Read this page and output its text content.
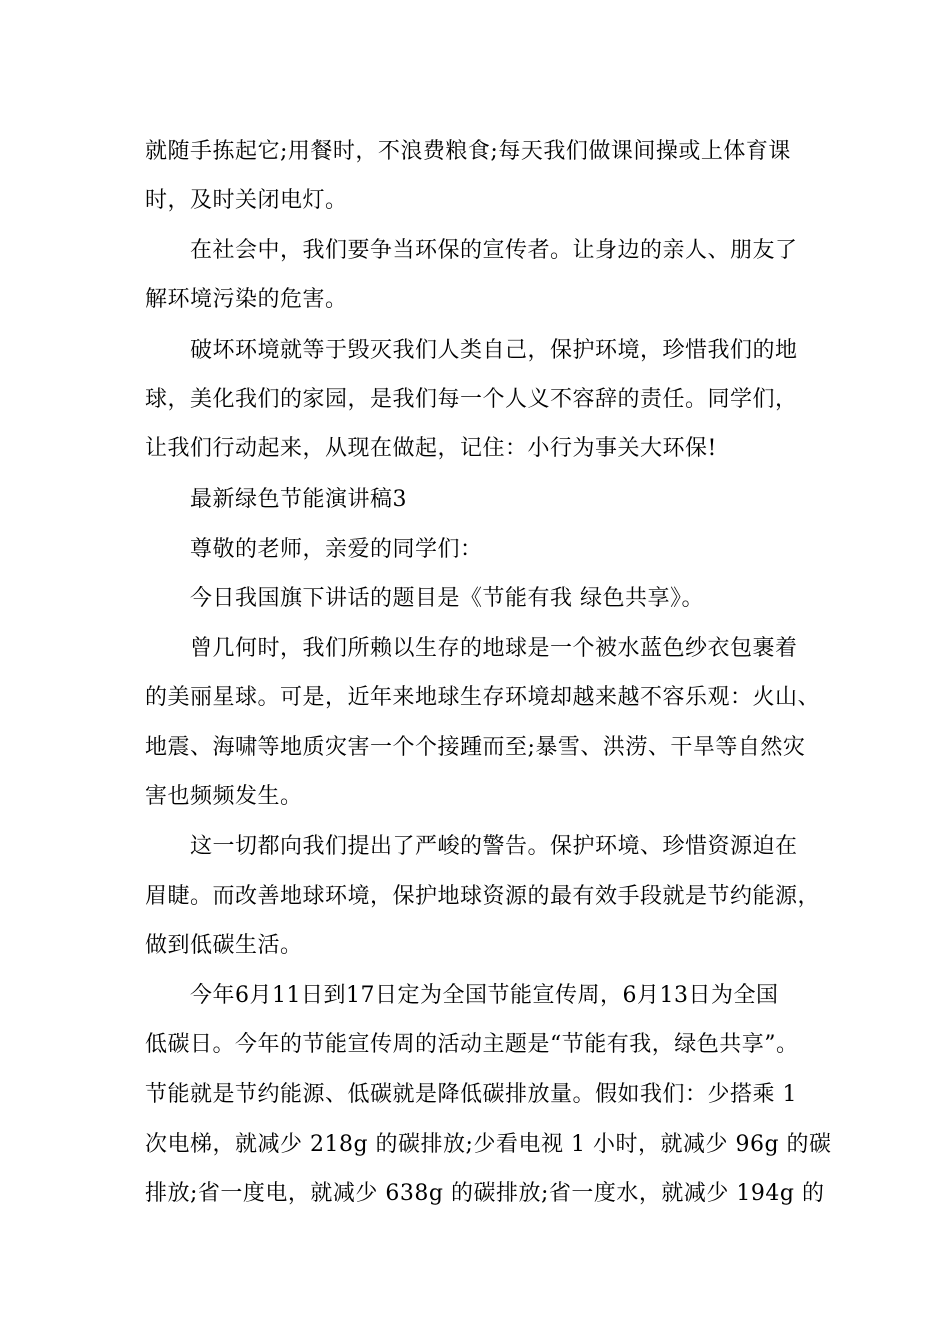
就随手拣起它;用餐时，不浪费粮食;每天我们做课间操或上体育课
时，及时关闭电灯。
在社会中，我们要争当环保的宣传者。让身边的亲人、朋友了
解环境污染的危害。
破坏环境就等于毁灭我们人类自己，保护环境，珍惜我们的地
球，美化我们的家园，是我们每一个人义不容辞的责任。同学们，
让我们行动起来，从现在做起，记住：小行为事关大环保!
最新绿色节能演讲稿3
尊敬的老师，亲爱的同学们：
今日我国旗下讲话的题目是《节能有我 绿色共享》。
曾几何时，我们所赖以生存的地球是一个被水蓝色纱衣包裹着
的美丽星球。可是，近年来地球生存环境却越来越不容乐观：火山、
地震、海啸等地质灾害一个个接踵而至;暴雪、洪涝、干旱等自然灾
害也频频发生。
这一切都向我们提出了严峻的警告。保护环境、珍惜资源迫在
眉睫。而改善地球环境，保护地球资源的最有效手段就是节约能源，
做到低碳生活。
今年6月11日到17日定为全国节能宣传周，6月13日为全国
低碳日。今年的节能宣传周的活动主题是“节能有我，绿色共享”。
节能就是节约能源、低碳就是降低碳排放量。假如我们：少搭乘 1
次电梯，就减少 218g 的碳排放;少看电视 1 小时，就减少 96g 的碳
排放;省一度电，就减少 638g 的碳排放;省一度水，就减少 194g 的
